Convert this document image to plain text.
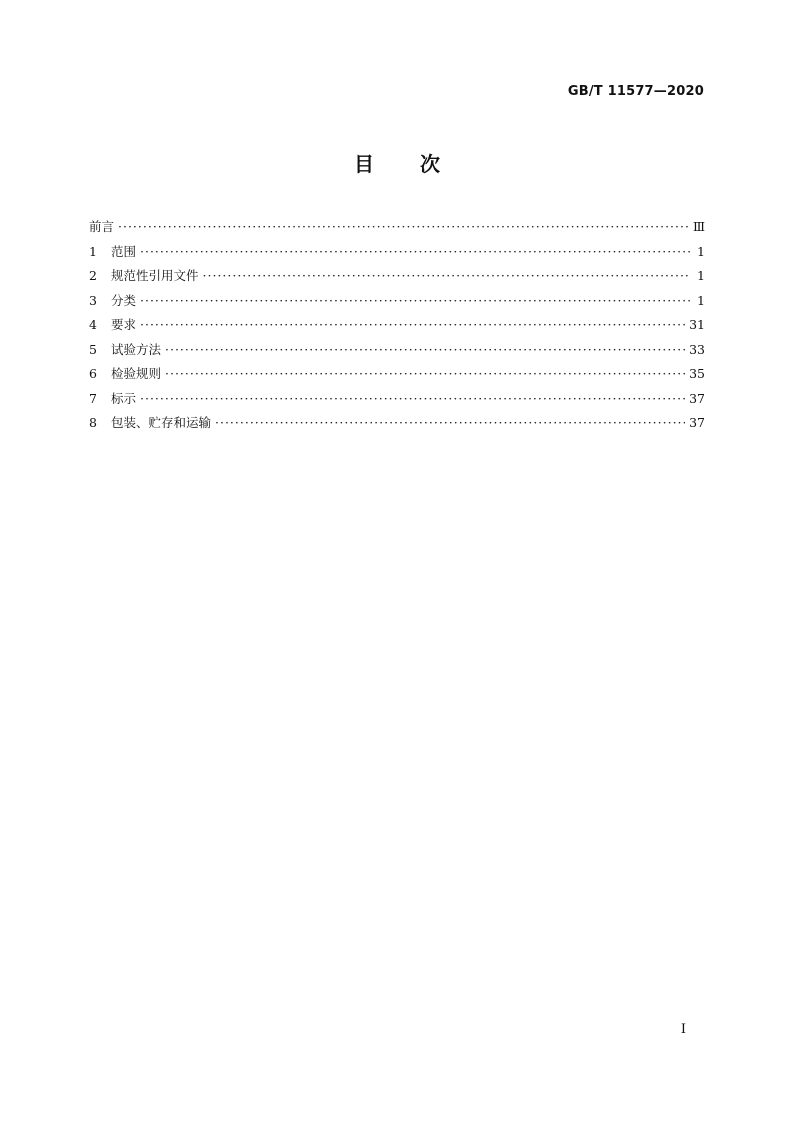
GB/T 11577—2020
目 次
前言 ·····	Ⅲ
1	范围 ·····	1
2	规范性引用文件 ·····	1
3	分类 ·····	1
4	要求 ·····	31
5	试验方法 ·····	33
6	检验规则 ·····	35
7	标示 ·····	37
8	包装、贮存和运输 ·····	37
I
